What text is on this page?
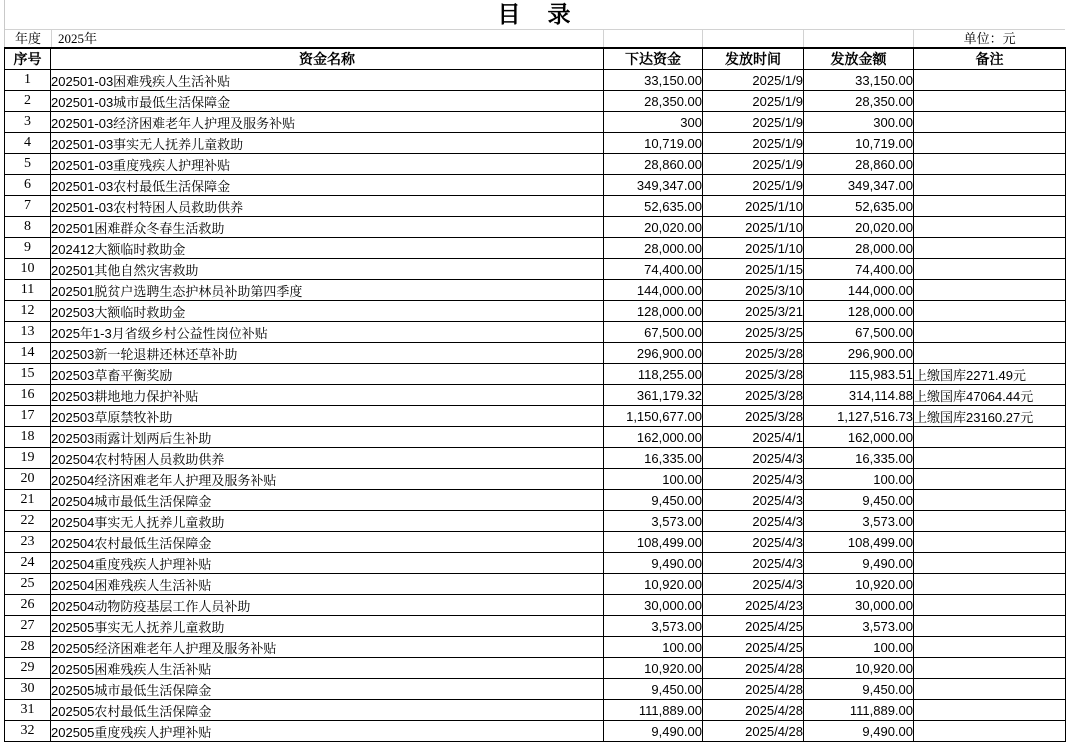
目　录
年度	2025年	单位：元
序号	资金名称	下达资金	发放时间	发放金额	备注
1	202501-03困难残疾人生活补贴	33,150.00	2025/1/9	33,150.00	
2	202501-03城市最低生活保障金	28,350.00	2025/1/9	28,350.00	
3	202501-03经济困难老年人护理及服务补贴	300	2025/1/9	300.00	
4	202501-03事实无人抚养儿童救助	10,719.00	2025/1/9	10,719.00	
5	202501-03重度残疾人护理补贴	28,860.00	2025/1/9	28,860.00	
6	202501-03农村最低生活保障金	349,347.00	2025/1/9	349,347.00	
7	202501-03农村特困人员救助供养	52,635.00	2025/1/10	52,635.00	
8	202501困难群众冬春生活救助	20,020.00	2025/1/10	20,020.00	
9	202412大额临时救助金	28,000.00	2025/1/10	28,000.00	
10	202501其他自然灾害救助	74,400.00	2025/1/15	74,400.00	
11	202501脱贫户选聘生态护林员补助第四季度	144,000.00	2025/3/10	144,000.00	
12	202503大额临时救助金	128,000.00	2025/3/21	128,000.00	
13	2025年1-3月省级乡村公益性岗位补贴	67,500.00	2025/3/25	67,500.00	
14	202503新一轮退耕还林还草补助	296,900.00	2025/3/28	296,900.00	
15	202503草畜平衡奖励	118,255.00	2025/3/28	115,983.51	上缴国库2271.49元
16	202503耕地地力保护补贴	361,179.32	2025/3/28	314,114.88	上缴国库47064.44元
17	202503草原禁牧补助	1,150,677.00	2025/3/28	1,127,516.73	上缴国库23160.27元
18	202503雨露计划两后生补助	162,000.00	2025/4/1	162,000.00	
19	202504农村特困人员救助供养	16,335.00	2025/4/3	16,335.00	
20	202504经济困难老年人护理及服务补贴	100.00	2025/4/3	100.00	
21	202504城市最低生活保障金	9,450.00	2025/4/3	9,450.00	
22	202504事实无人抚养儿童救助	3,573.00	2025/4/3	3,573.00	
23	202504农村最低生活保障金	108,499.00	2025/4/3	108,499.00	
24	202504重度残疾人护理补贴	9,490.00	2025/4/3	9,490.00	
25	202504困难残疾人生活补贴	10,920.00	2025/4/3	10,920.00	
26	202504动物防疫基层工作人员补助	30,000.00	2025/4/23	30,000.00	
27	202505事实无人抚养儿童救助	3,573.00	2025/4/25	3,573.00	
28	202505经济困难老年人护理及服务补贴	100.00	2025/4/25	100.00	
29	202505困难残疾人生活补贴	10,920.00	2025/4/28	10,920.00	
30	202505城市最低生活保障金	9,450.00	2025/4/28	9,450.00	
31	202505农村最低生活保障金	111,889.00	2025/4/28	111,889.00	
32	202505重度残疾人护理补贴	9,490.00	2025/4/28	9,490.00	
